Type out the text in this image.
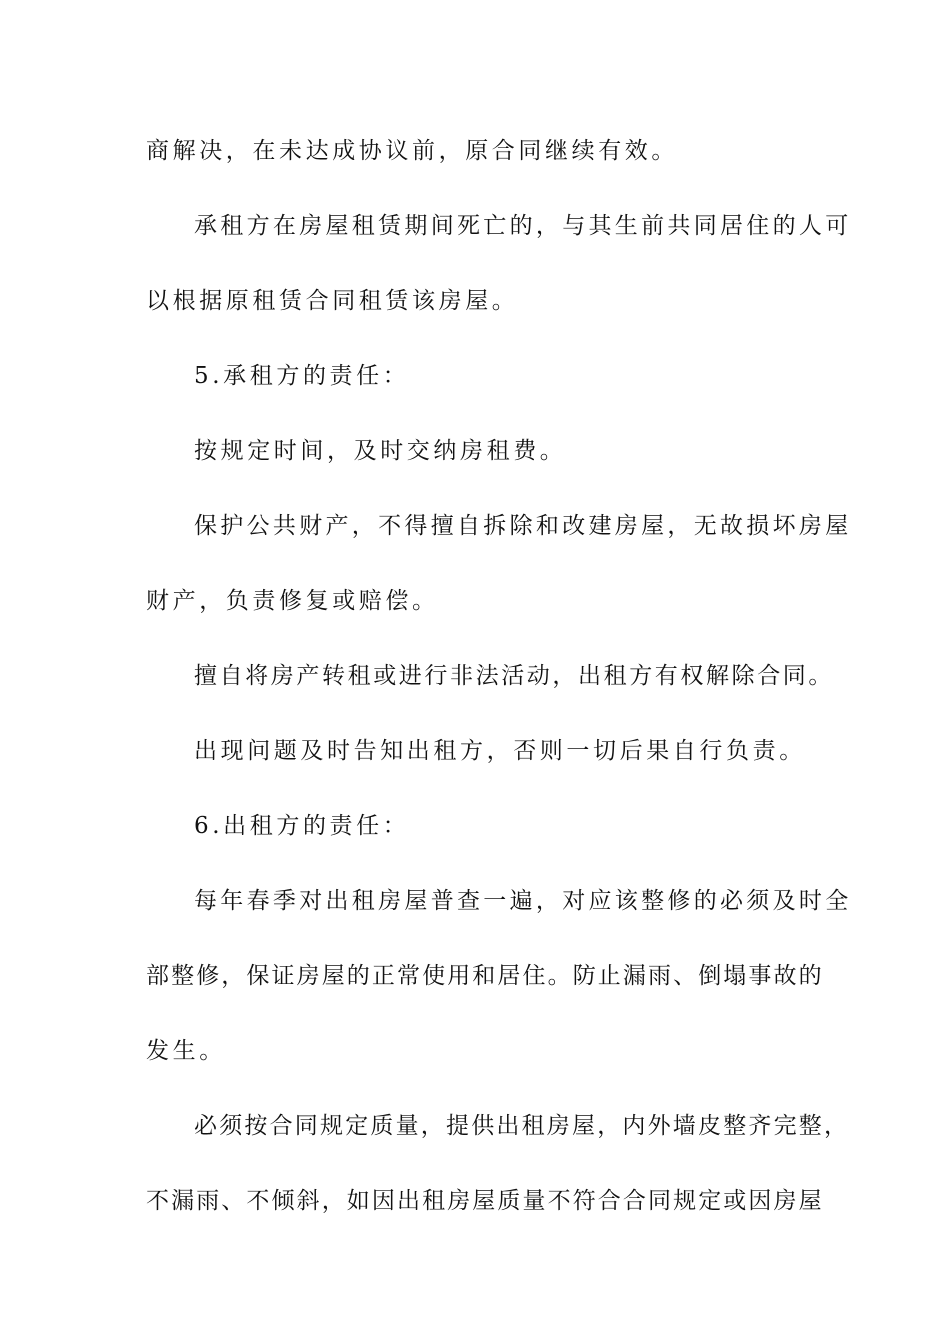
商解决，在未达成协议前，原合同继续有效。

承租方在房屋租赁期间死亡的，与其生前共同居住的人可

以根据原租赁合同租赁该房屋。

5.承租方的责任：

按规定时间，及时交纳房租费。

保护公共财产，不得擅自拆除和改建房屋，无故损坏房屋

财产，负责修复或赔偿。

擅自将房产转租或进行非法活动，出租方有权解除合同。

出现问题及时告知出租方，否则一切后果自行负责。

6.出租方的责任：

每年春季对出租房屋普查一遍，对应该整修的必须及时全

部整修，保证房屋的正常使用和居住。防止漏雨、倒塌事故的

发生。

必须按合同规定质量，提供出租房屋，内外墙皮整齐完整，

不漏雨、不倾斜，如因出租房屋质量不符合合同规定或因房屋
